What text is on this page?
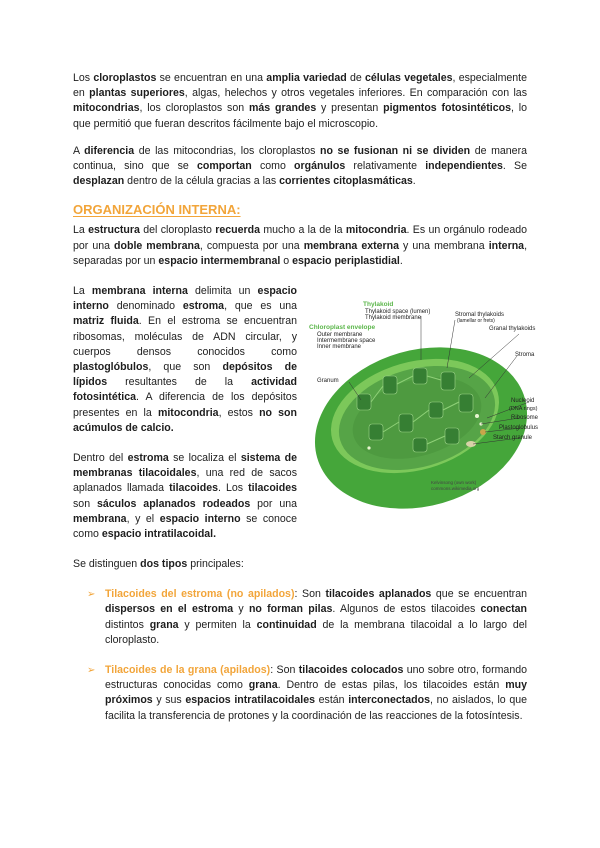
Los cloroplastos se encuentran en una amplia variedad de células vegetales, especialmente en plantas superiores, algas, helechos y otros vegetales inferiores. En comparación con las mitocondrias, los cloroplastos son más grandes y presentan pigmentos fotosintéticos, lo que permitió que fueran descritos fácilmente bajo el microscopio.

A diferencia de las mitocondrias, los cloroplastos no se fusionan ni se dividen de manera continua, sino que se comportan como orgánulos relativamente independientes. Se desplazan dentro de la célula gracias a las corrientes citoplasmáticas.

ORGANIZACIÓN INTERNA:

La estructura del cloroplasto recuerda mucho a la de la mitocondria. Es un orgánulo rodeado por una doble membrana, compuesta por una membrana externa y una membrana interna, separadas por un espacio intermembranal o espacio periplastidial.

La membrana interna delimita un espacio interno denominado estroma, que es una matriz fluida. En el estroma se encuentran ribosomas, moléculas de ADN circular, y cuerpos densos conocidos como plastoglóbulos, que son depósitos de lípidos resultantes de la actividad fotosintética. A diferencia de los depósitos presentes en la mitocondria, estos no son acúmulos de calcio.

Dentro del estroma se localiza el sistema de membranas tilacoidales, una red de sacos aplanados llamada tilacoides. Los tilacoides son sáculos aplanados rodeados por una membrana, y el espacio interno se conoce como espacio intratilacoidal.

Thylakoid
Thylakoid space (lumen)
Thylakoid membrane	Stromal thylakoids
(lamellar or frets)
Granal thylakoids
Chloroplast envelope
Outer membrane
Intermembrane space
Inner membrane
Stroma
Granum
Nucleoid
(DNA rings)
Ribosome
Plastoglobulus
Starch granule
Kelvinsong (own work)
commons.wikimedia.org

Se distinguen dos tipos principales:

➢ Tilacoides del estroma (no apilados): Son tilacoides aplanados que se encuentran dispersos en el estroma y no forman pilas. Algunos de estos tilacoides conectan distintos grana y permiten la continuidad de la membrana tilacoidal a lo largo del cloroplasto.

➢ Tilacoides de la grana (apilados): Son tilacoides colocados uno sobre otro, formando estructuras conocidas como grana. Dentro de estas pilas, los tilacoides están muy próximos y sus espacios intratilacoidales están interconectados, no aislados, lo que facilita la transferencia de protones y la coordinación de las reacciones de la fotosíntesis.
